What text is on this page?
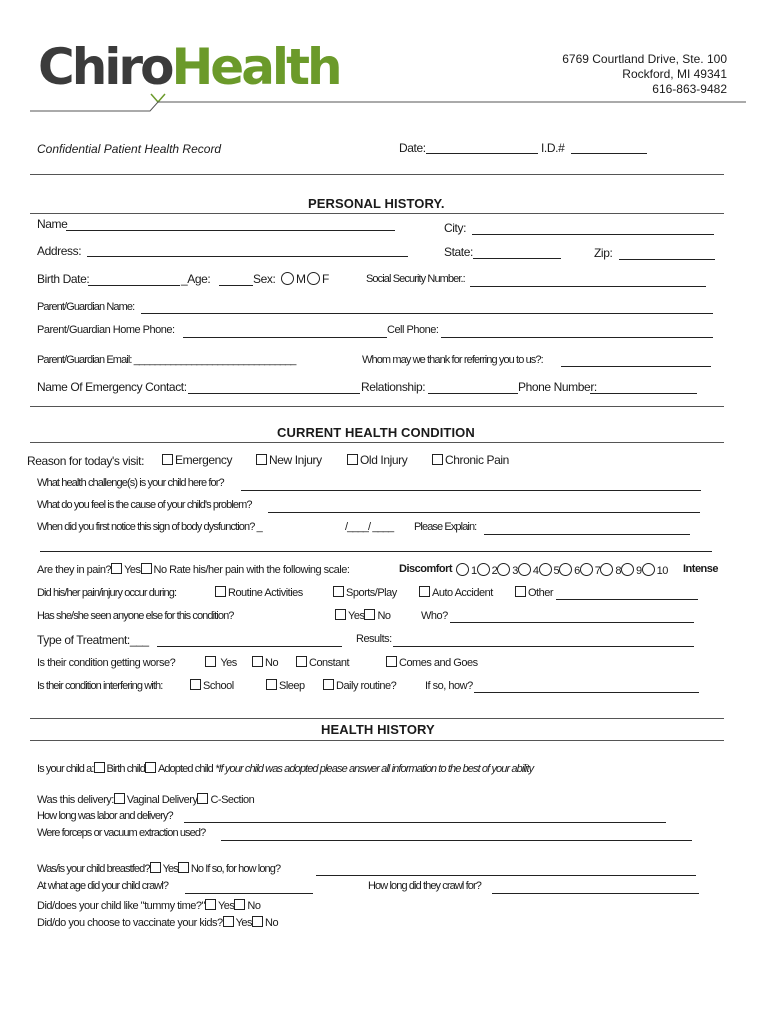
ChiroHealth	6769 Courtland Drive, Ste. 100
Rockford, MI 49341
616-863-9482
Confidential Patient Health Record	Date:	I.D.#
PERSONAL HISTORY.
Name	City:
Address:	State:	Zip:
Birth Date:	_Age:	Sex:	M	F	Social Security Number.:
Parent/Guardian Name:
Parent/Guardian Home Phone:	Cell Phone:
Parent/Guardian Email: _______________________________	Whom may we thank for referring you to us?:
Name Of Emergency Contact:	Relationship:	Phone Number:
CURRENT HEALTH CONDITION
Reason for today's visit:	Emergency	New Injury	Old Injury	Chronic Pain
What health challenge(s) is your child here for?
What do you feel is the cause of your child's problem?
When did you first notice this sign of body dysfunction? _	/____/ ____ Please Explain:
Are they in pain? Yes No Rate his/her pain with the following scale:	Discomfort	1 2 3 4 5 6 7 8 9 10 Intense
Did his/her pain/injury occur during:	Routine Activities	Sports/Play	Auto Accident	Other
Has she/she seen anyone else for this condition?	Yes No	Who?
Type of Treatment:___	Results:
Is their condition getting worse?	Yes	No	Constant	Comes and Goes
Is their condition interfering with:	School	Sleep	Daily routine?	If so, how?
HEALTH HISTORY
Is your child a: Birth child Adopted child *If your child was adopted please answer all information to the best of your ability
Was this delivery: Vaginal Delivery C-Section
How long was labor and delivery?
Were forceps or vacuum extraction used?
Was/is your child breastfed? Yes No If so, for how long?
At what age did your child crawl?	How long did they crawl for?
Did/does your child like "tummy time?" Yes No
Did/do you choose to vaccinate your kids? Yes No
